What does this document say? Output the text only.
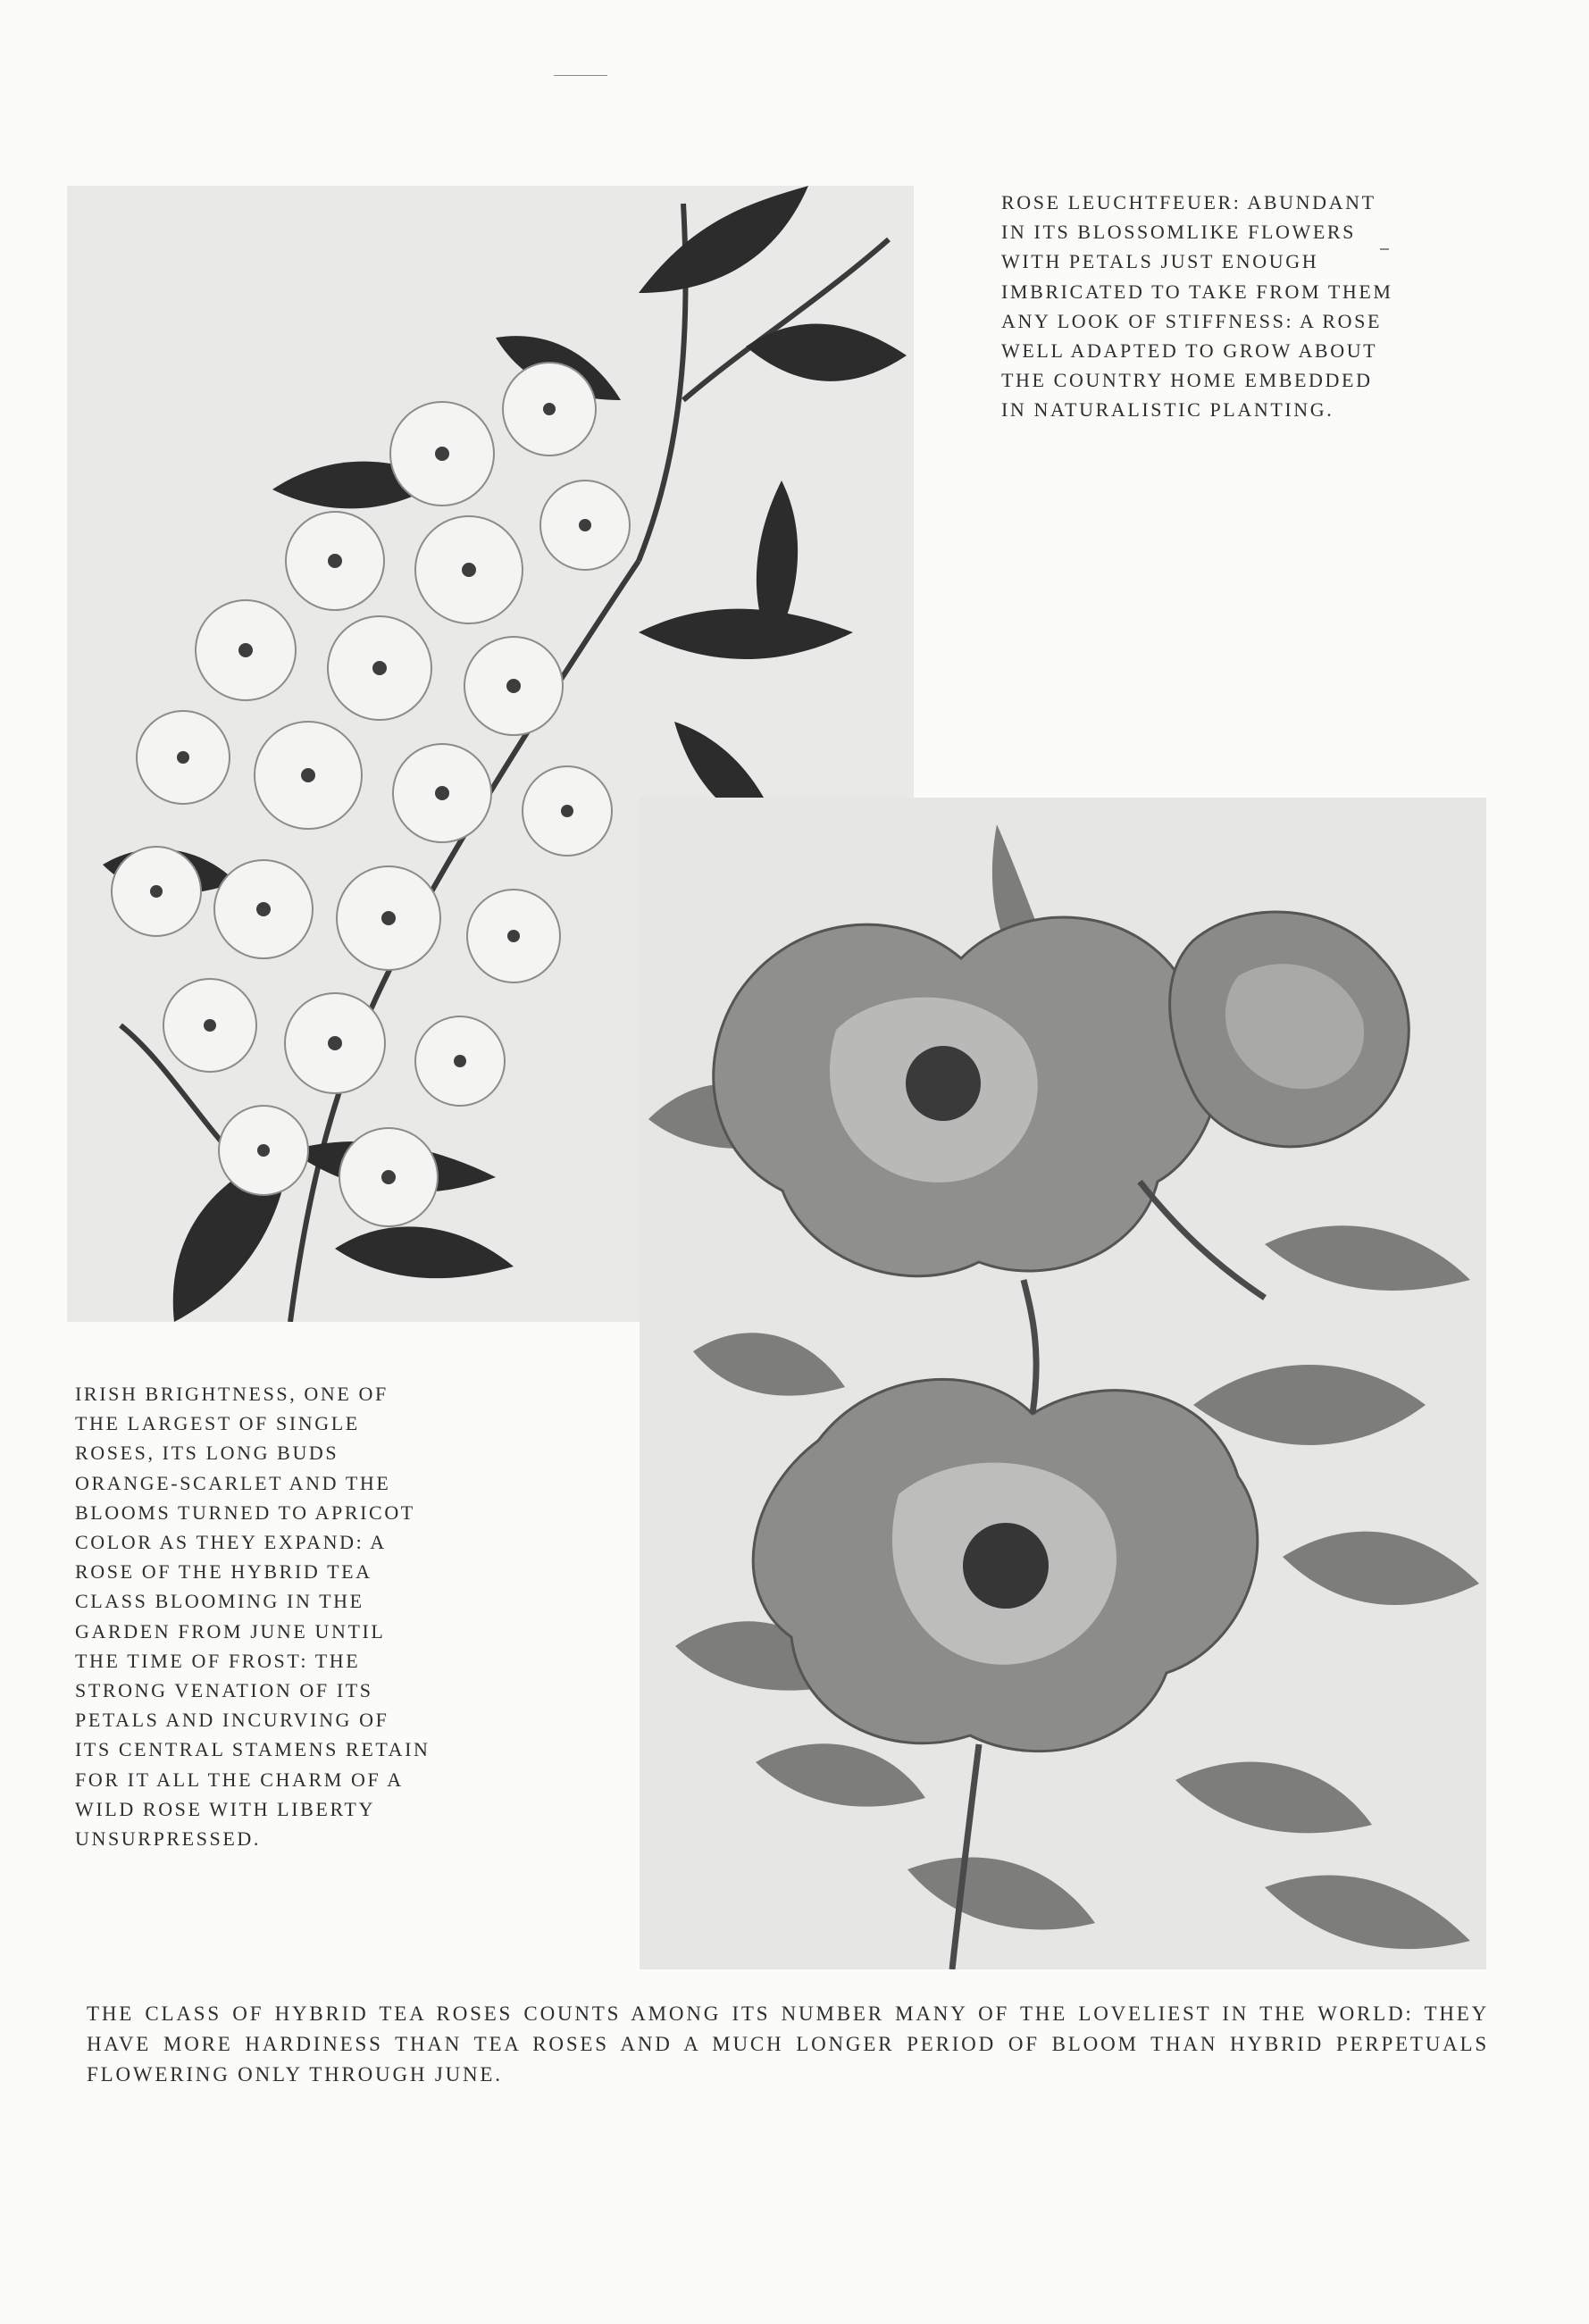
ROSE LEUCHTFEUER: ABUNDANT IN ITS BLOSSOMLIKE FLOWERS WITH PETALS JUST ENOUGH IMBRICATED TO TAKE FROM THEM ANY LOOK OF STIFFNESS: A ROSE WELL ADAPTED TO GROW ABOUT THE COUNTRY HOME EMBEDDED IN NATURALISTIC PLANTING.

IRISH BRIGHTNESS, ONE OF THE LARGEST OF SINGLE ROSES, ITS LONG BUDS ORANGE-SCARLET AND THE BLOOMS TURNED TO APRICOT COLOR AS THEY EXPAND: A ROSE OF THE HYBRID TEA CLASS BLOOMING IN THE GARDEN FROM JUNE UNTIL THE TIME OF FROST: THE STRONG VENATION OF ITS PETALS AND INCURVING OF ITS CENTRAL STAMENS RETAIN FOR IT ALL THE CHARM OF A WILD ROSE WITH LIBERTY UNSURPRESSED.

THE CLASS OF HYBRID TEA ROSES COUNTS AMONG ITS NUMBER MANY OF THE LOVELIEST IN THE WORLD: THEY HAVE MORE HARDINESS THAN TEA ROSES AND A MUCH LONGER PERIOD OF BLOOM THAN HYBRID PERPETUALS FLOWERING ONLY THROUGH JUNE.
